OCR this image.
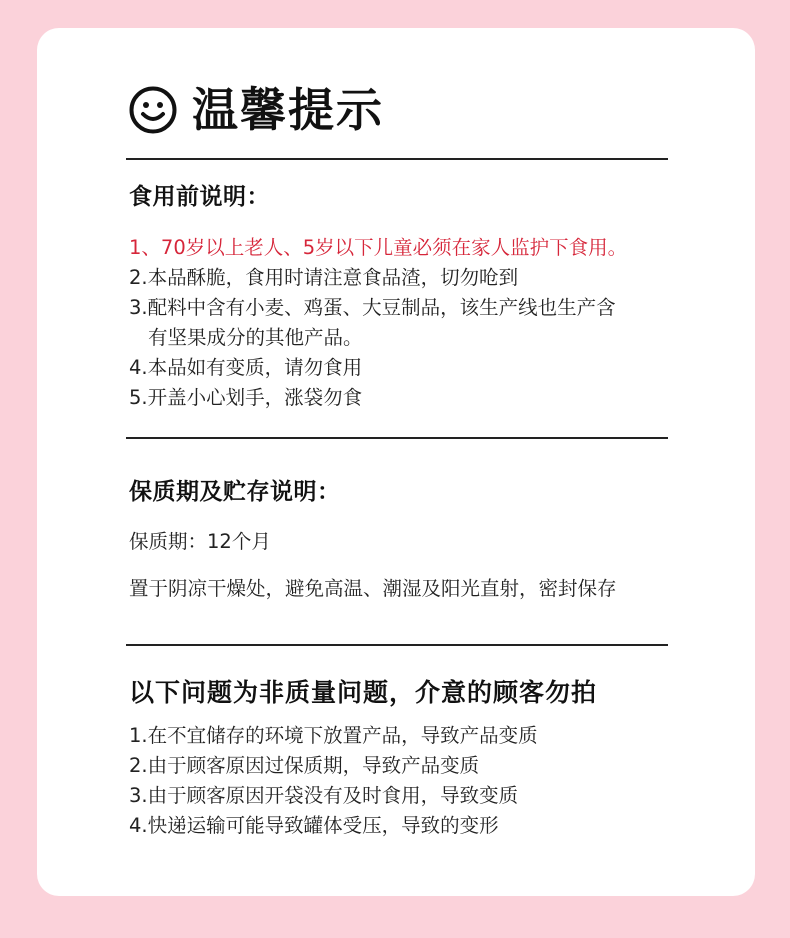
温馨提示
食用前说明：
1、70岁以上老人、5岁以下儿童必须在家人监护下食用。
2.本品酥脆，食用时请注意食品渣，切勿呛到
3.配料中含有小麦、鸡蛋、大豆制品，该生产线也生产含
有坚果成分的其他产品。
4.本品如有变质，请勿食用
5.开盖小心划手，涨袋勿食
保质期及贮存说明：
保质期：12个月
置于阴凉干燥处，避免高温、潮湿及阳光直射，密封保存
以下问题为非质量问题，介意的顾客勿拍
1.在不宜储存的环境下放置产品，导致产品变质
2.由于顾客原因过保质期，导致产品变质
3.由于顾客原因开袋没有及时食用，导致变质
4.快递运输可能导致罐体受压，导致的变形
